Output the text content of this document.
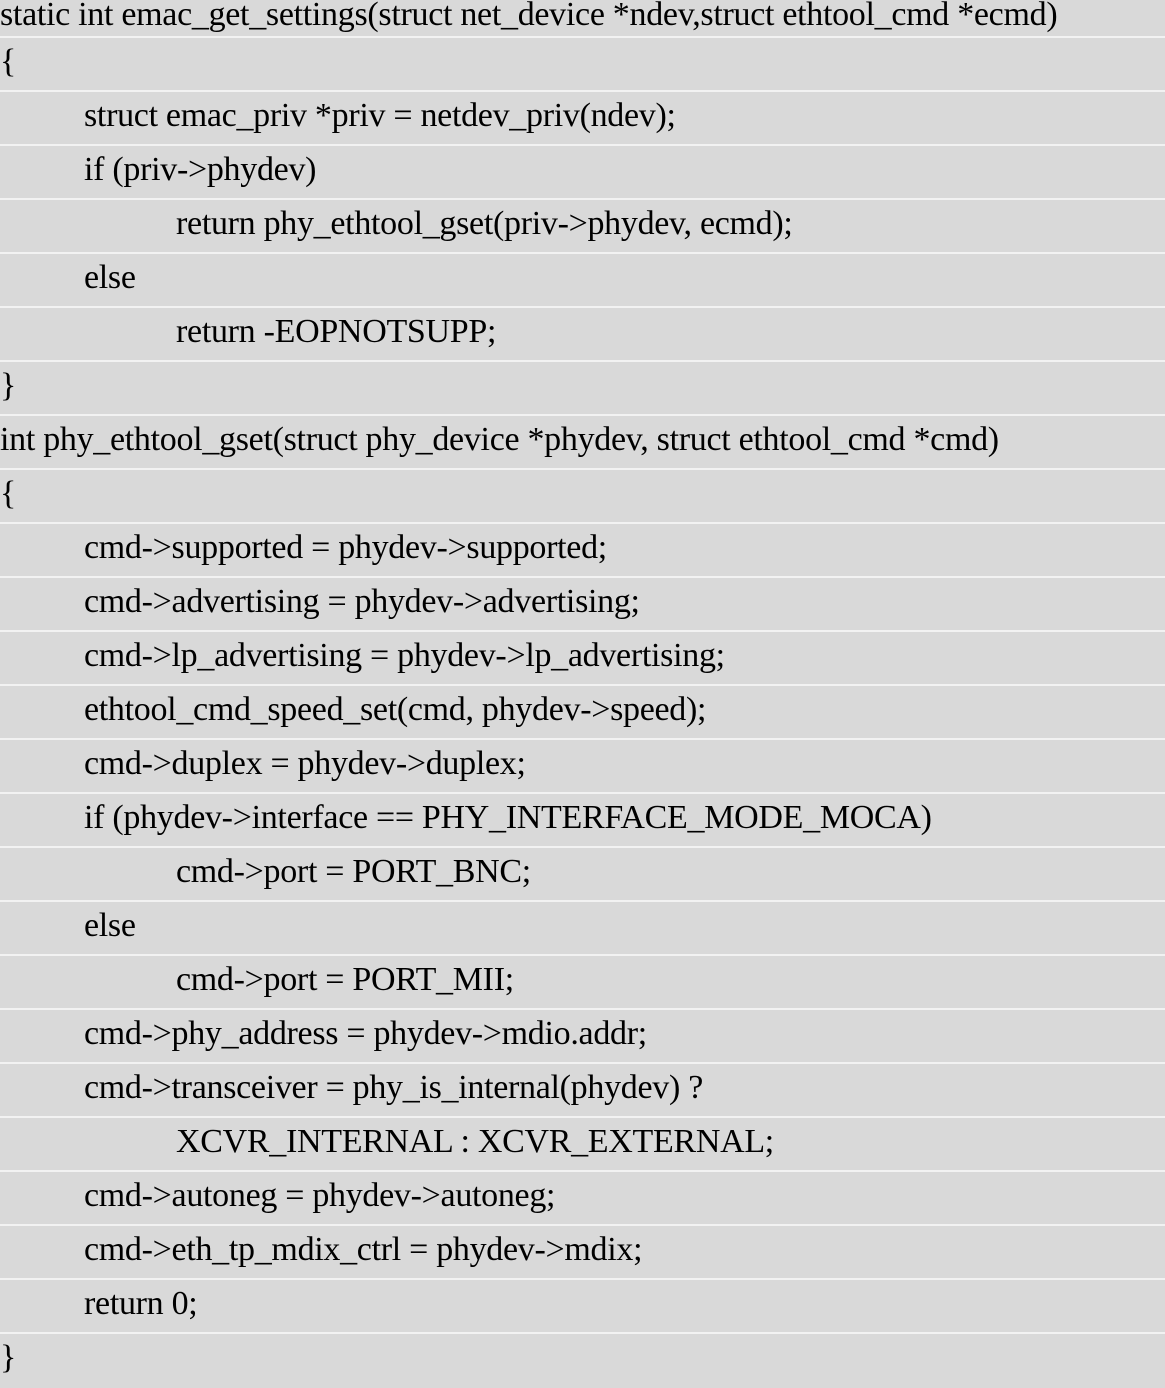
static int emac_get_settings(struct net_device *ndev,struct ethtool_cmd *ecmd)
{
struct emac_priv *priv = netdev_priv(ndev);
if (priv->phydev)
return phy_ethtool_gset(priv->phydev, ecmd);
else
return -EOPNOTSUPP;
}
int phy_ethtool_gset(struct phy_device *phydev, struct ethtool_cmd *cmd)
{
cmd->supported = phydev->supported;
cmd->advertising = phydev->advertising;
cmd->lp_advertising = phydev->lp_advertising;
ethtool_cmd_speed_set(cmd, phydev->speed);
cmd->duplex = phydev->duplex;
if (phydev->interface == PHY_INTERFACE_MODE_MOCA)
cmd->port = PORT_BNC;
else
cmd->port = PORT_MII;
cmd->phy_address = phydev->mdio.addr;
cmd->transceiver = phy_is_internal(phydev) ?
XCVR_INTERNAL : XCVR_EXTERNAL;
cmd->autoneg = phydev->autoneg;
cmd->eth_tp_mdix_ctrl = phydev->mdix;
return 0;
}
